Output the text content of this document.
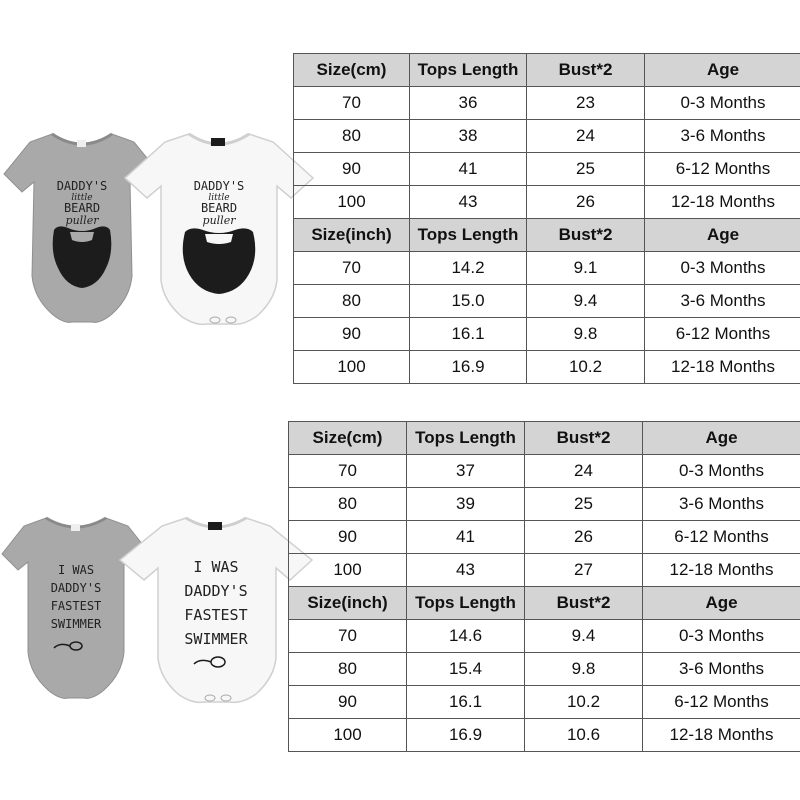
DADDY'S
little
BEARD
puller
DADDY'S
little
BEARD
puller
Size(cm)	Tops Length	Bust*2	Age
70	36	23	0-3 Months
80	38	24	3-6 Months
90	41	25	6-12 Months
100	43	26	12-18 Months
Size(inch)	Tops Length	Bust*2	Age
70	14.2	9.1	0-3 Months
80	15.0	9.4	3-6 Months
90	16.1	9.8	6-12 Months
100	16.9	10.2	12-18 Months
I WAS
DADDY'S
FASTEST
SWIMMER
I WAS
DADDY'S
FASTEST
SWIMMER
Size(cm)	Tops Length	Bust*2	Age
70	37	24	0-3 Months
80	39	25	3-6 Months
90	41	26	6-12 Months
100	43	27	12-18 Months
Size(inch)	Tops Length	Bust*2	Age
70	14.6	9.4	0-3 Months
80	15.4	9.8	3-6 Months
90	16.1	10.2	6-12 Months
100	16.9	10.6	12-18 Months
